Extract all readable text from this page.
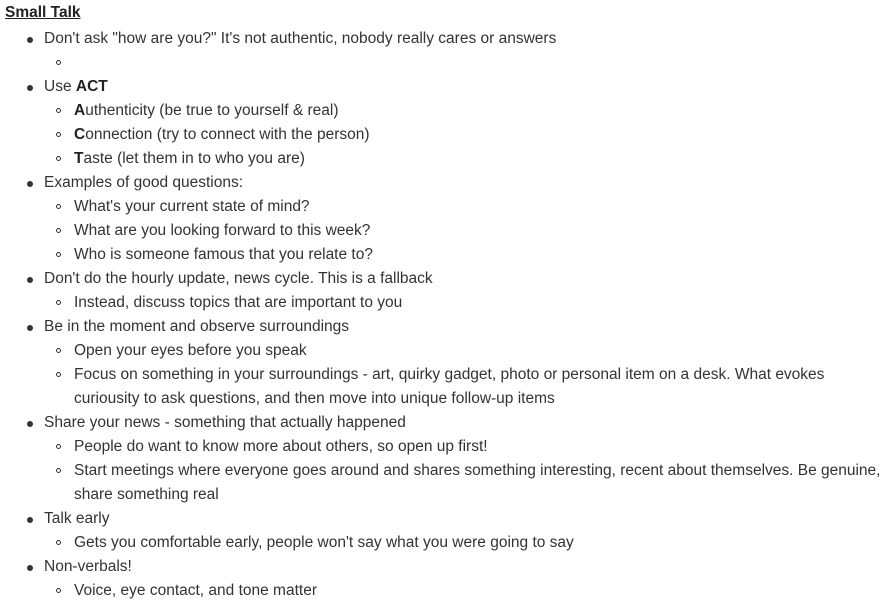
Small Talk
Don't ask "how are you?" It's not authentic, nobody really cares or answers

Use ACT
Authenticity (be true to yourself & real)
Connection (try to connect with the person)
Taste (let them in to who you are)
Examples of good questions:
What's your current state of mind?
What are you looking forward to this week?
Who is someone famous that you relate to?
Don't do the hourly update, news cycle. This is a fallback
Instead, discuss topics that are important to you
Be in the moment and observe surroundings
Open your eyes before you speak
Focus on something in your surroundings - art, quirky gadget, photo or personal item on a desk. What evokes curiousity to ask questions, and then move into unique follow-up items
Share your news - something that actually happened
People do want to know more about others, so open up first!
Start meetings where everyone goes around and shares something interesting, recent about themselves. Be genuine, share something real
Talk early
Gets you comfortable early, people won't say what you were going to say
Non-verbals!
Voice, eye contact, and tone matter
